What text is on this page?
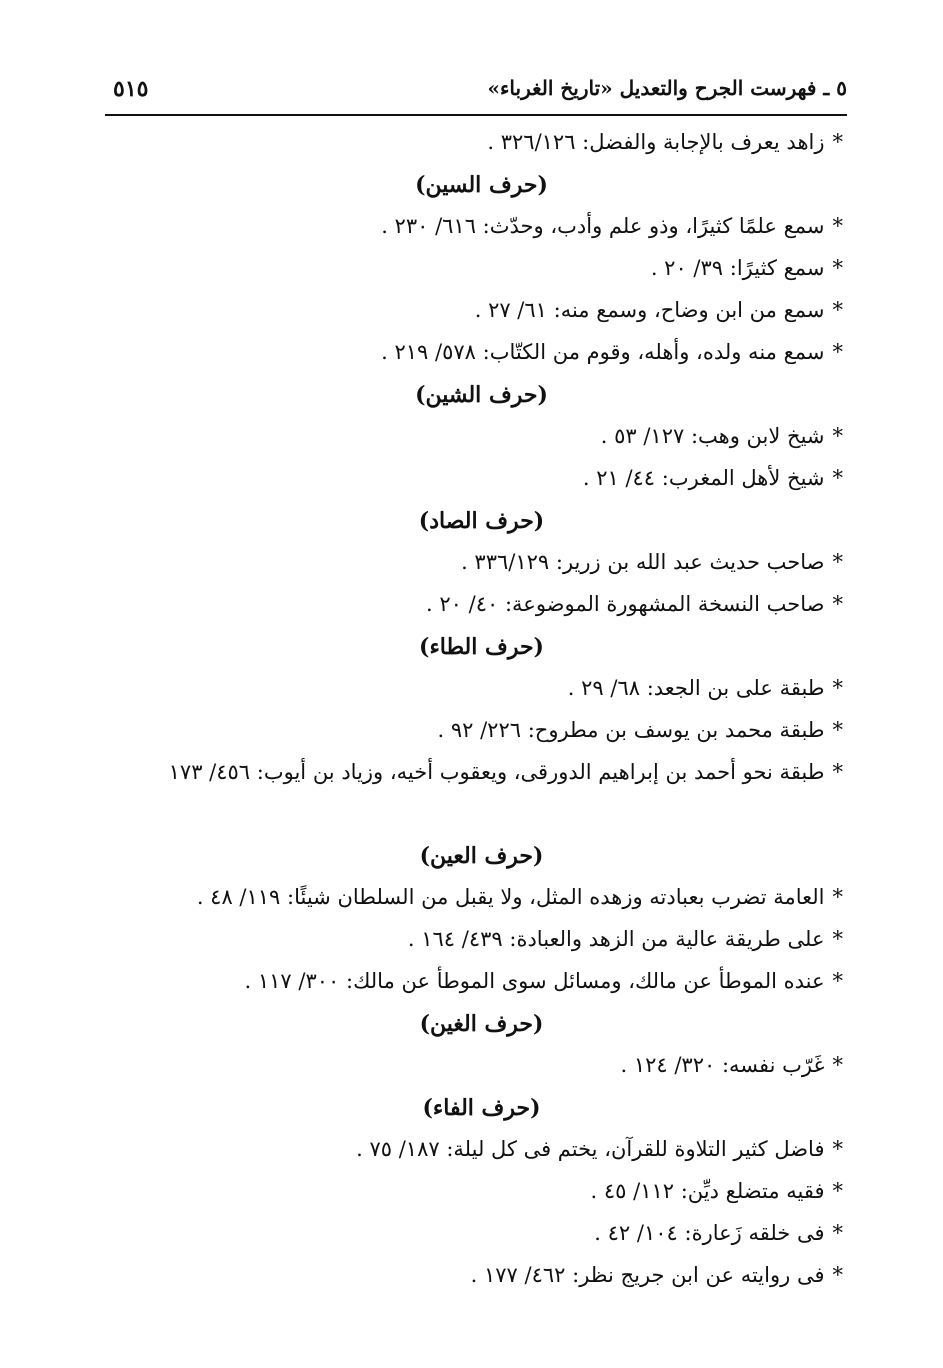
٥ ـ فهرست الجرح والتعديل «تاريخ الغرباء»
٥١٥
*زاهد يعرف بالإجابة والفضل: ٣٢٦/١٢٦ .
(حرف السين)
*سمع علمًا كثيرًا، وذو علم وأدب، وحدّث: ٦١٦/ ٢٣٠ .
*سمع كثيرًا: ٣٩/ ٢٠ .
*سمع من ابن وضاح، وسمع منه: ٦١/ ٢٧ .
*سمع منه ولده، وأهله، وقوم من الكتّاب: ٥٧٨/ ٢١٩ .
(حرف الشين)
*شيخ لابن وهب: ١٢٧/ ٥٣ .
*شيخ لأهل المغرب: ٤٤/ ٢١ .
(حرف الصاد)
*صاحب حديث عبد الله بن زرير: ٣٣٦/١٢٩ .
*صاحب النسخة المشهورة الموضوعة: ٤٠/ ٢٠ .
(حرف الطاء)
*طبقة على بن الجعد: ٦٨/ ٢٩ .
*طبقة محمد بن يوسف بن مطروح: ٢٢٦/ ٩٢ .
*طبقة نحو أحمد بن إبراهيم الدورقى، ويعقوب أخيه، وزياد بن أيوب: ٤٥٦/ ١٧٣
(حرف العين)
*العامة تضرب بعبادته وزهده المثل، ولا يقبل من السلطان شيئًا: ١١٩/ ٤٨ .
*على طريقة عالية من الزهد والعبادة: ٤٣٩/ ١٦٤ .
*عنده الموطأ عن مالك، ومسائل سوى الموطأ عن مالك: ٣٠٠/ ١١٧ .
(حرف الغين)
*غَرّب نفسه: ٣٢٠/ ١٢٤ .
(حرف الفاء)
*فاضل كثير التلاوة للقرآن، يختم فى كل ليلة: ١٨٧/ ٧٥ .
*فقيه متضلع ديِّن: ١١٢/ ٤٥ .
*فى خلقه زَعارة: ١٠٤/ ٤٢ .
*فى روايته عن ابن جريج نظر: ٤٦٢/ ١٧٧ .
